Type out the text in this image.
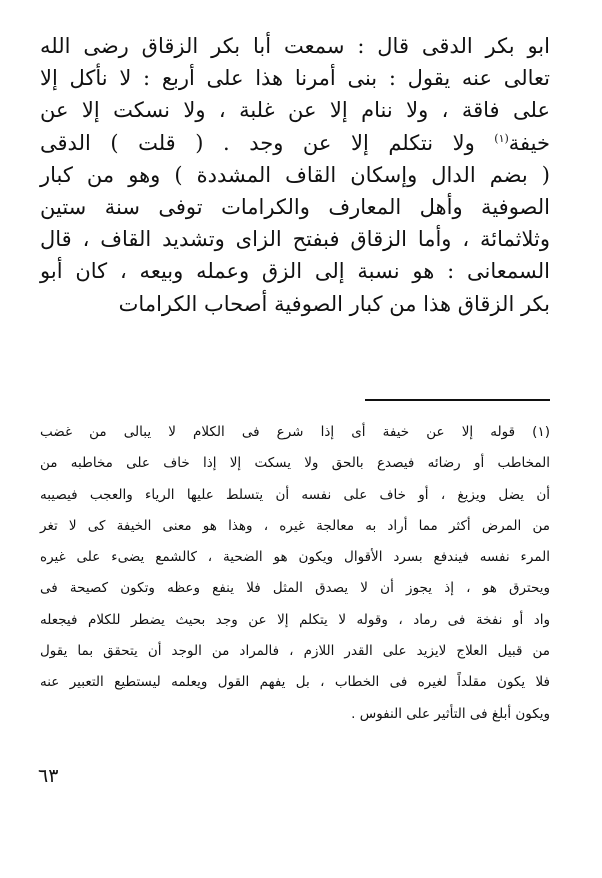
ابو بكر الدقى قال : سمعت أبا بكر الزقاق رضى الله
تعالى عنه يقول : بنى أمرنا هذا على أربع : لا نأكل إلا
على فاقة ، ولا ننام إلا عن غلبة ، ولا نسكت إلا عن
خيفة$^{(١)}$ ولا نتكلم إلا عن وجد . ( قلت ) الدقى
( بضم الدال وإسكان القاف المشددة ) وهو من كبار
الصوفية وأهل المعارف والكرامات توفى سنة ستين
وثلاثمائة ، وأما الزقاق فبفتح الزاى وتشديد القاف ، قال
السمعانى : هو نسبة إلى الزق وعمله وبيعه ، كان أبو
بكر الزقاق هذا من كبار الصوفية أصحاب الكرامات
(١) قوله إلا عن خيفة أى إذا شرع فى الكلام لا يبالى من غضب
المخاطب أو رضائه فيصدع بالحق ولا يسكت إلا إذا خاف على مخاطبه من
أن يضل ويزيغ ، أو خاف على نفسه أن يتسلط عليها الرياء والعجب فيصيبه
من المرض أكثر مما أراد به معالجة غيره ، وهذا هو معنى الخيفة كى لا تغر
المرء نفسه فيندفع بسرد الأقوال ويكون هو الضحية ، كالشمع يضىء على غيره
ويحترق هو ، إذ يجوز أن لا يصدق المثل فلا ينفع وعظه وتكون كصيحة فى
واد أو نفخة فى رماد ، وقوله لا يتكلم إلا عن وجد بحيث يضطر للكلام فيجعله
من قبيل العلاج لايزيد على القدر اللازم ، فالمراد من الوجد أن يتحقق بما يقول
فلا يكون مقلداً لغيره فى الخطاب ، بل يفهم القول ويعلمه ليستطيع التعبير عنه
ويكون أبلغ فى التأثير على النفوس .
٦٣
